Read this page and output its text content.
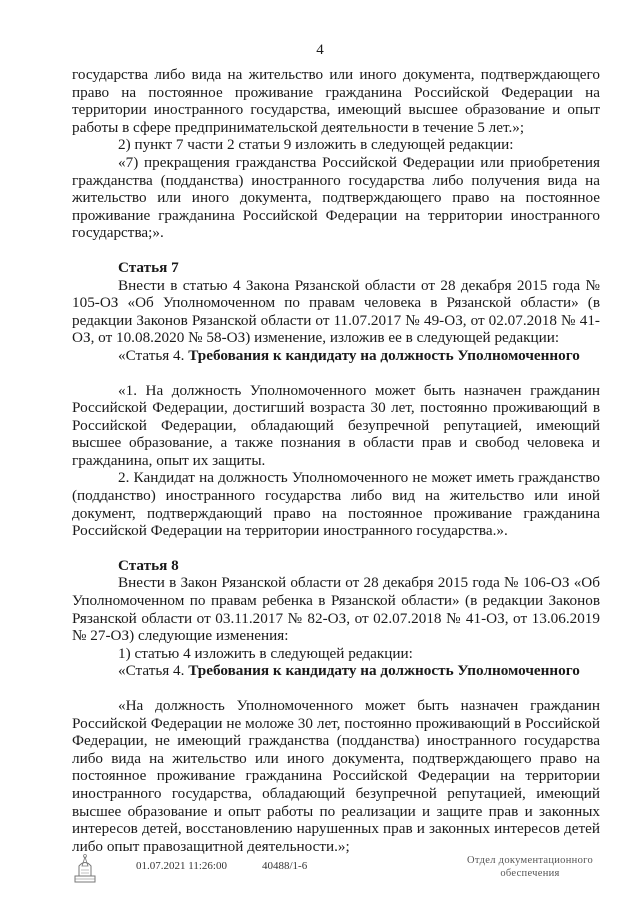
4

государства либо вида на жительство или иного документа, подтверждающего право на постоянное проживание гражданина Российской Федерации на территории иностранного государства, имеющий высшее образование и опыт работы в сфере предпринимательской деятельности в течение 5 лет.»;

2) пункт 7 части 2 статьи 9 изложить в следующей редакции:

«7) прекращения гражданства Российской Федерации или приобретения гражданства (подданства) иностранного государства либо получения вида на жительство или иного документа, подтверждающего право на постоянное проживание гражданина Российской Федерации на территории иностранного государства;».

Статья 7

Внести в статью 4 Закона Рязанской области от 28 декабря 2015 года № 105-ОЗ «Об Уполномоченном по правам человека в Рязанской области» (в редакции Законов Рязанской области от 11.07.2017 № 49-ОЗ, от 02.07.2018 № 41-ОЗ, от 10.08.2020 № 58-ОЗ) изменение, изложив ее в следующей редакции:

«Статья 4. Требования к кандидату на должность Уполномоченного

«1. На должность Уполномоченного может быть назначен гражданин Российской Федерации, достигший возраста 30 лет, постоянно проживающий в Российской Федерации, обладающий безупречной репутацией, имеющий высшее образование, а также познания в области прав и свобод человека и гражданина, опыт их защиты.

2. Кандидат на должность Уполномоченного не может иметь гражданство (подданство) иностранного государства либо вид на жительство или иной документ, подтверждающий право на постоянное проживание гражданина Российской Федерации на территории иностранного государства.».

Статья 8

Внести в Закон Рязанской области от 28 декабря 2015 года № 106-ОЗ «Об Уполномоченном по правам ребенка в Рязанской области» (в редакции Законов Рязанской области от 03.11.2017 № 82-ОЗ, от 02.07.2018 № 41-ОЗ, от 13.06.2019 № 27-ОЗ) следующие изменения:

1) статью 4 изложить в следующей редакции:

«Статья 4. Требования к кандидату на должность Уполномоченного

«На должность Уполномоченного может быть назначен гражданин Российской Федерации не моложе 30 лет, постоянно проживающий в Российской Федерации, не имеющий гражданства (подданства) иностранного государства либо вида на жительство или иного документа, подтверждающего право на постоянное проживание гражданина Российской Федерации на территории иностранного государства, обладающий безупречной репутацией, имеющий высшее образование и опыт работы по реализации и защите прав и законных интересов детей, восстановлению нарушенных прав и законных интересов детей либо опыт правозащитной деятельности.»;

01.07.2021 11:26:00	40488/1-6	Отдел документационного
обеспечения
